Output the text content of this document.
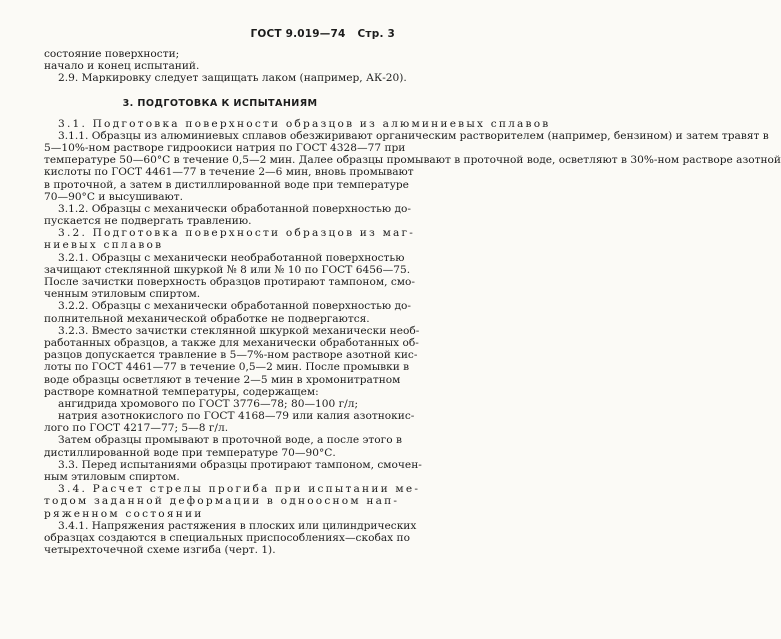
ГОСТ 9.019—74 Стр. 3
состояние поверхности;
начало и конец испытаний.
2.9. Маркировку следует защищать лаком (например, АК-20).
3. ПОДГОТОВКА К ИСПЫТАНИЯМ
3.1. Подготовка поверхности образцов из алюминиевых сплавов
3.1.1. Образцы из алюминиевых сплавов обезжиривают органическим растворителем (например, бензином) и затем травят в
5—10%-ном растворе гидроокиси натрия по ГОСТ 4328—77 при
температуре 50—60°С в течение 0,5—2 мин. Далее образцы промывают в проточной воде, осветляют в 30%-ном растворе азотной
кислоты по ГОСТ 4461—77 в течение 2—6 мин, вновь промывают
в проточной, а затем в дистиллированной воде при температуре
70—90°С и высушивают.
3.1.2. Образцы с механически обработанной поверхностью до-
пускается не подвергать травлению.
3.2. Подготовка поверхности образцов из маг-
ниевых сплавов
3.2.1. Образцы с механически необработанной поверхностью
зачищают стеклянной шкуркой № 8 или № 10 по ГОСТ 6456—75.
После зачистки поверхность образцов протирают тампоном, смо-
ченным этиловым спиртом.
3.2.2. Образцы с механически обработанной поверхностью до-
полнительной механической обработке не подвергаются.
3.2.3. Вместо зачистки стеклянной шкуркой механически необ-
работанных образцов, а также для механически обработанных об-
разцов допускается травление в 5—7%-ном растворе азотной кис-
лоты по ГОСТ 4461—77 в течение 0,5—2 мин. После промывки в
воде образцы осветляют в течение 2—5 мин в хромонитратном
растворе комнатной температуры, содержащем:
ангидрида хромового по ГОСТ 3776—78; 80—100 г/л;
натрия азотнокислого по ГОСТ 4168—79 или калия азотнокис-
лого по ГОСТ 4217—77; 5—8 г/л.
Затем образцы промывают в проточной воде, а после этого в
дистиллированной воде при температуре 70—90°С.
3.3. Перед испытаниями образцы протирают тампоном, смочен-
ным этиловым спиртом.
3.4. Расчет стрелы прогиба при испытании ме-
тодом заданной деформации в одноосном нап-
ряженном состоянии
3.4.1. Напряжения растяжения в плоских или цилиндрических
образцах создаются в специальных приспособлениях—скобах по
четырехточечной схеме изгиба (черт. 1).
